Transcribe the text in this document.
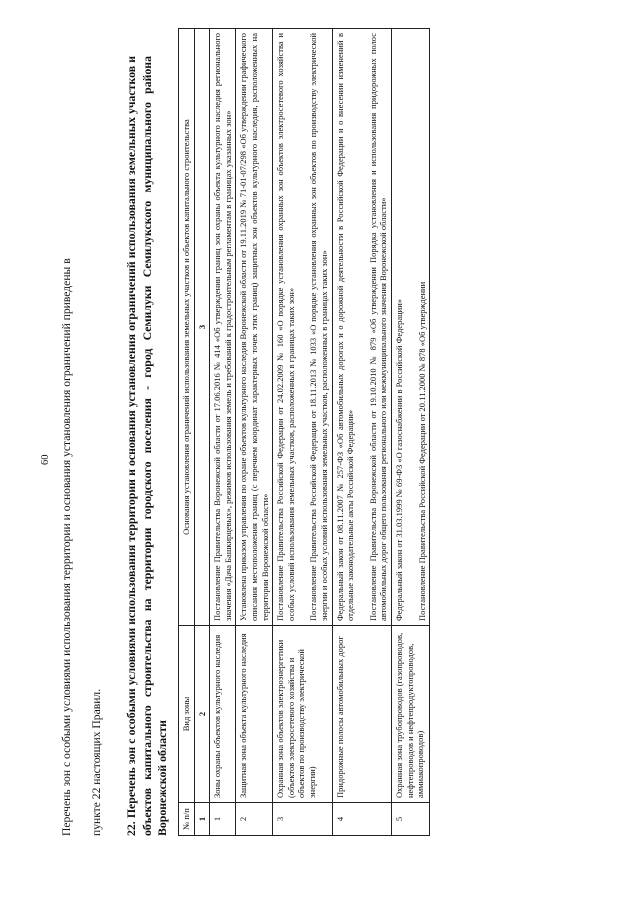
60 Перечень зон с особыми условиями использования территории и основания установления ограничений приведены в	пункте 22 настоящих Правил.	22. Перечень зон с особыми условиями использования территории и основания установления ограничений использования земельных участков и объектов капитального строительства на территории городского поселения - город Семилуки Семилукского муниципального района Воронежской области № п/п	Вид зоны	Основания установления ограничений использования земельных участков и объектов капитального строительства
1	2	3
1	Зоны охраны объектов культурного наследия	Постановление Правительства Воронежской области от 17.06.2016 № 414 «Об утверждении границ зон охраны объекта культурного наследия регионального значения «Дача Башкирцевых», режимов использования земель и требований к градостроительным регламентам в границах указанных зон»
2	Защитная зона объекта культурного наследия	Установлена приказом управления по охране объектов культурного наследия Воронежской области от 19.11.2019 № 71-01-07/298 «Об утверждении графического описания местоположения границ (с перечнем координат характерных точек этих границ) защитных зон объектов культурного наследия, расположенных на территории Воронежской области»
3	Охранная зона объектов электроэнергетики (объектов электросетевого хозяйства и объектов по производству электрической энергии)	Постановление Правительства Российской Федерации от 24.02.2009 № 160 «О порядке установления охранных зон объектов электросетевого хозяйства и особых условий использования земельных участков, расположенных в границах таких зон» Постановление Правительства Российской Федерации от 18.11.2013 № 1033 «О порядке установления охранных зон объектов по производству электрической энергии и особых условий использования земельных участков, расположенных в границах таких зон»

4	Придорожные полосы автомобильных дорог	Федеральный закон от 08.11.2007 № 257-ФЗ «Об автомобильных дорогах и о дорожной деятельности в Российской Федерации и о внесении изменений в отдельные законодательные акты Российской Федерации» Постановление Правительства Воронежской области от 19.10.2010 № 879 «Об утверждении Порядка установления и использования придорожных полос автомобильных дорог общего пользования регионального или межмуниципального значения Воронежской области»

5	Охранная зона трубопроводов (газопроводов, нефтепроводов и нефтепродуктопроводов, аммиакопроводов)	Федеральный закон от 31.03.1999 № 69-ФЗ «О газоснабжении в Российской Федерации» Постановление Правительства Российской Федерации от 20.11.2000 № 878 «Об утверждении
